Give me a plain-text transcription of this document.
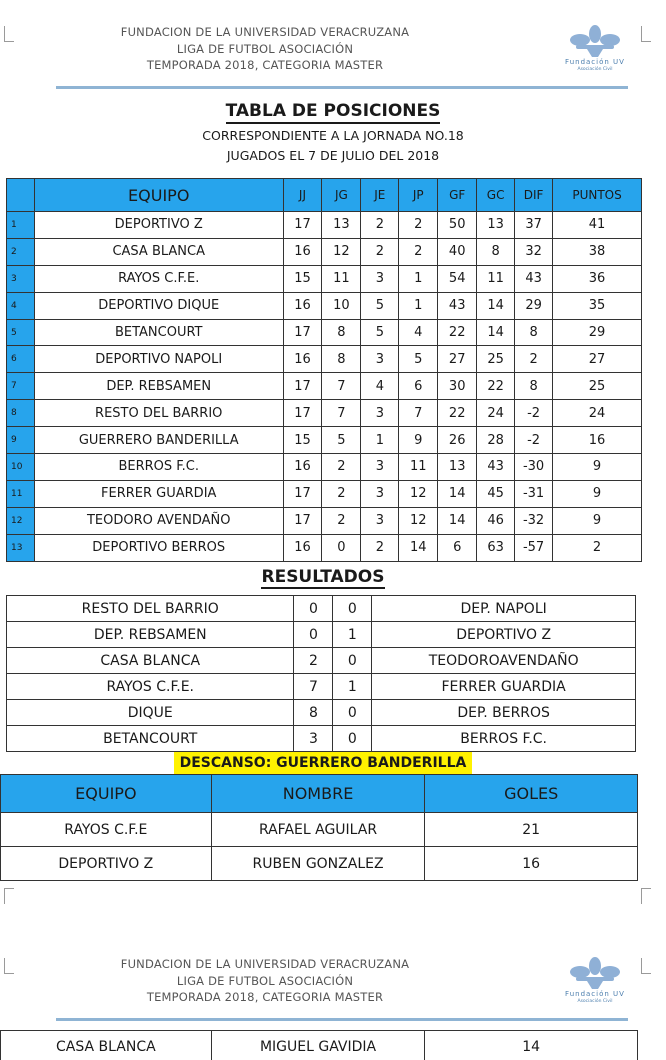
FUNDACION DE LA UNIVERSIDAD VERACRUZANA
LIGA DE FUTBOL ASOCIACIÓN
TEMPORADA 2018, CATEGORIA MASTER	Fundación UV
Asociación Civil
TABLA DE POSICIONES
CORRESPONDIENTE A LA JORNADA NO.18
JUGADOS EL 7 DE JULIO DEL 2018
	EQUIPO	JJ	JG	JE	JP	GF	GC	DIF	PUNTOS
1	DEPORTIVO Z	17	13	2	2	50	13	37	41
2	CASA BLANCA	16	12	2	2	40	8	32	38
3	RAYOS C.F.E.	15	11	3	1	54	11	43	36
4	DEPORTIVO DIQUE	16	10	5	1	43	14	29	35
5	BETANCOURT	17	8	5	4	22	14	8	29
6	DEPORTIVO NAPOLI	16	8	3	5	27	25	2	27
7	DEP. REBSAMEN	17	7	4	6	30	22	8	25
8	RESTO DEL BARRIO	17	7	3	7	22	24	-2	24
9	GUERRERO BANDERILLA	15	5	1	9	26	28	-2	16
10	BERROS F.C.	16	2	3	11	13	43	-30	9
11	FERRER GUARDIA	17	2	3	12	14	45	-31	9
12	TEODORO AVENDAÑO	17	2	3	12	14	46	-32	9
13	DEPORTIVO BERROS	16	0	2	14	6	63	-57	2
RESULTADOS
RESTO DEL BARRIO	0	0	DEP. NAPOLI
DEP. REBSAMEN	0	1	DEPORTIVO Z
CASA BLANCA	2	0	TEODOROAVENDAÑO
RAYOS C.F.E.	7	1	FERRER GUARDIA
DIQUE	8	0	DEP. BERROS
BETANCOURT	3	0	BERROS F.C.
DESCANSO: GUERRERO BANDERILLA
EQUIPO	NOMBRE	GOLES
RAYOS C.F.E	RAFAEL AGUILAR	21
DEPORTIVO Z	RUBEN GONZALEZ	16
FUNDACION DE LA UNIVERSIDAD VERACRUZANA
LIGA DE FUTBOL ASOCIACIÓN
TEMPORADA 2018, CATEGORIA MASTER	Fundación UV
Asociación Civil
CASA BLANCA	MIGUEL GAVIDIA	14
